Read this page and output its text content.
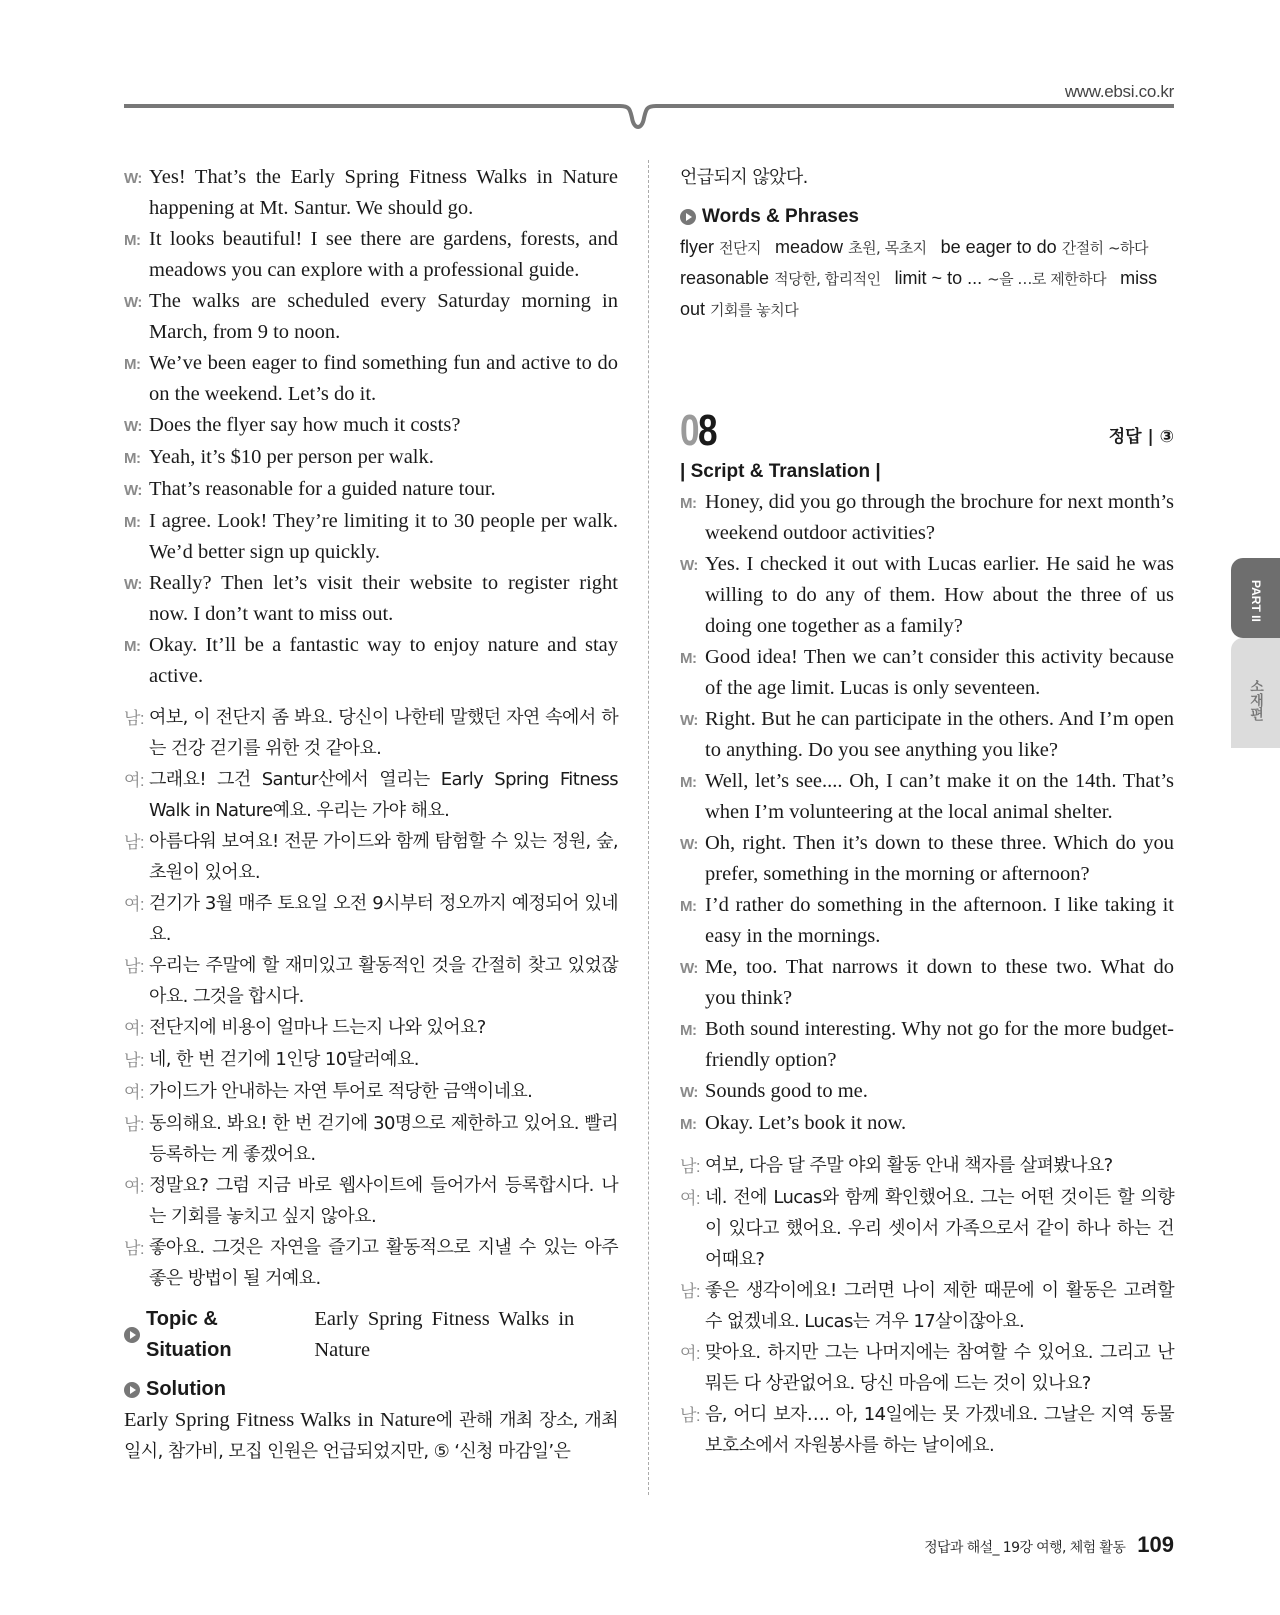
www.ebsi.co.kr
PART II
소재편
W: Yes! That’s the Early Spring Fitness Walks in Nature happening at Mt. Santur. We should go.
M: It looks beautiful! I see there are gardens, forests, and meadows you can explore with a professional guide.
W: The walks are scheduled every Saturday morning in March, from 9 to noon.
M: We’ve been eager to find something fun and active to do on the weekend. Let’s do it.
W: Does the flyer say how much it costs?
M: Yeah, it’s $10 per person per walk.
W: That’s reasonable for a guided nature tour.
M: I agree. Look! They’re limiting it to 30 people per walk. We’d better sign up quickly.
W: Really? Then let’s visit their website to register right now. I don’t want to miss out.
M: Okay. It’ll be a fantastic way to enjoy nature and stay active.
남: 여보, 이 전단지 좀 봐요. 당신이 나한테 말했던 자연 속에서 하는 건강 걷기를 위한 것 같아요.
여: 그래요! 그건 Santur산에서 열리는 Early Spring Fitness Walk in Nature예요. 우리는 가야 해요.
남: 아름다워 보여요! 전문 가이드와 함께 탐험할 수 있는 정원, 숲, 초원이 있어요.
여: 걷기가 3월 매주 토요일 오전 9시부터 정오까지 예정되어 있네요.
남: 우리는 주말에 할 재미있고 활동적인 것을 간절히 찾고 있었잖아요. 그것을 합시다.
여: 전단지에 비용이 얼마나 드는지 나와 있어요?
남: 네, 한 번 걷기에 1인당 10달러예요.
여: 가이드가 안내하는 자연 투어로 적당한 금액이네요.
남: 동의해요. 봐요! 한 번 걷기에 30명으로 제한하고 있어요. 빨리 등록하는 게 좋겠어요.
여: 정말요? 그럼 지금 바로 웹사이트에 들어가서 등록합시다. 나는 기회를 놓치고 싶지 않아요.
남: 좋아요. 그것은 자연을 즐기고 활동적으로 지낼 수 있는 아주 좋은 방법이 될 거예요.
Topic & Situation
Early Spring Fitness Walks in Nature
Solution
Early Spring Fitness Walks in Nature에 관해 개최 장소, 개최 일시, 참가비, 모집 인원은 언급되었지만, ⑤ ‘신청 마감일’은
언급되지 않았다.
Words & Phrases
flyer 전단지 meadow 초원, 목초지 be eager to do 간절히 ~하다reasonable 적당한, 합리적인 limit ~ to ... ~을 …로 제한하다 miss out 기회를 놓치다
08	정답 | ③
| Script & Translation |
M: Honey, did you go through the brochure for next month’s weekend outdoor activities?
W: Yes. I checked it out with Lucas earlier. He said he was willing to do any of them. How about the three of us doing one together as a family?
M: Good idea! Then we can’t consider this activity because of the age limit. Lucas is only seventeen.
W: Right. But he can participate in the others. And I’m open to anything. Do you see anything you like?
M: Well, let’s see.... Oh, I can’t make it on the 14th. That’s when I’m volunteering at the local animal shelter.
W: Oh, right. Then it’s down to these three. Which do you prefer, something in the morning or afternoon?
M: I’d rather do something in the afternoon. I like taking it easy in the mornings.
W: Me, too. That narrows it down to these two. What do you think?
M: Both sound interesting. Why not go for the more budget-friendly option?
W: Sounds good to me.
M: Okay. Let’s book it now.
남: 여보, 다음 달 주말 야외 활동 안내 책자를 살펴봤나요?
여: 네. 전에 Lucas와 함께 확인했어요. 그는 어떤 것이든 할 의향이 있다고 했어요. 우리 셋이서 가족으로서 같이 하나 하는 건 어때요?
남: 좋은 생각이에요! 그러면 나이 제한 때문에 이 활동은 고려할 수 없겠네요. Lucas는 겨우 17살이잖아요.
여: 맞아요. 하지만 그는 나머지에는 참여할 수 있어요. 그리고 난 뭐든 다 상관없어요. 당신 마음에 드는 것이 있나요?
남: 음, 어디 보자…. 아, 14일에는 못 가겠네요. 그날은 지역 동물 보호소에서 자원봉사를 하는 날이에요.
정답과 해설_ 19강 여행, 체험 활동 109
